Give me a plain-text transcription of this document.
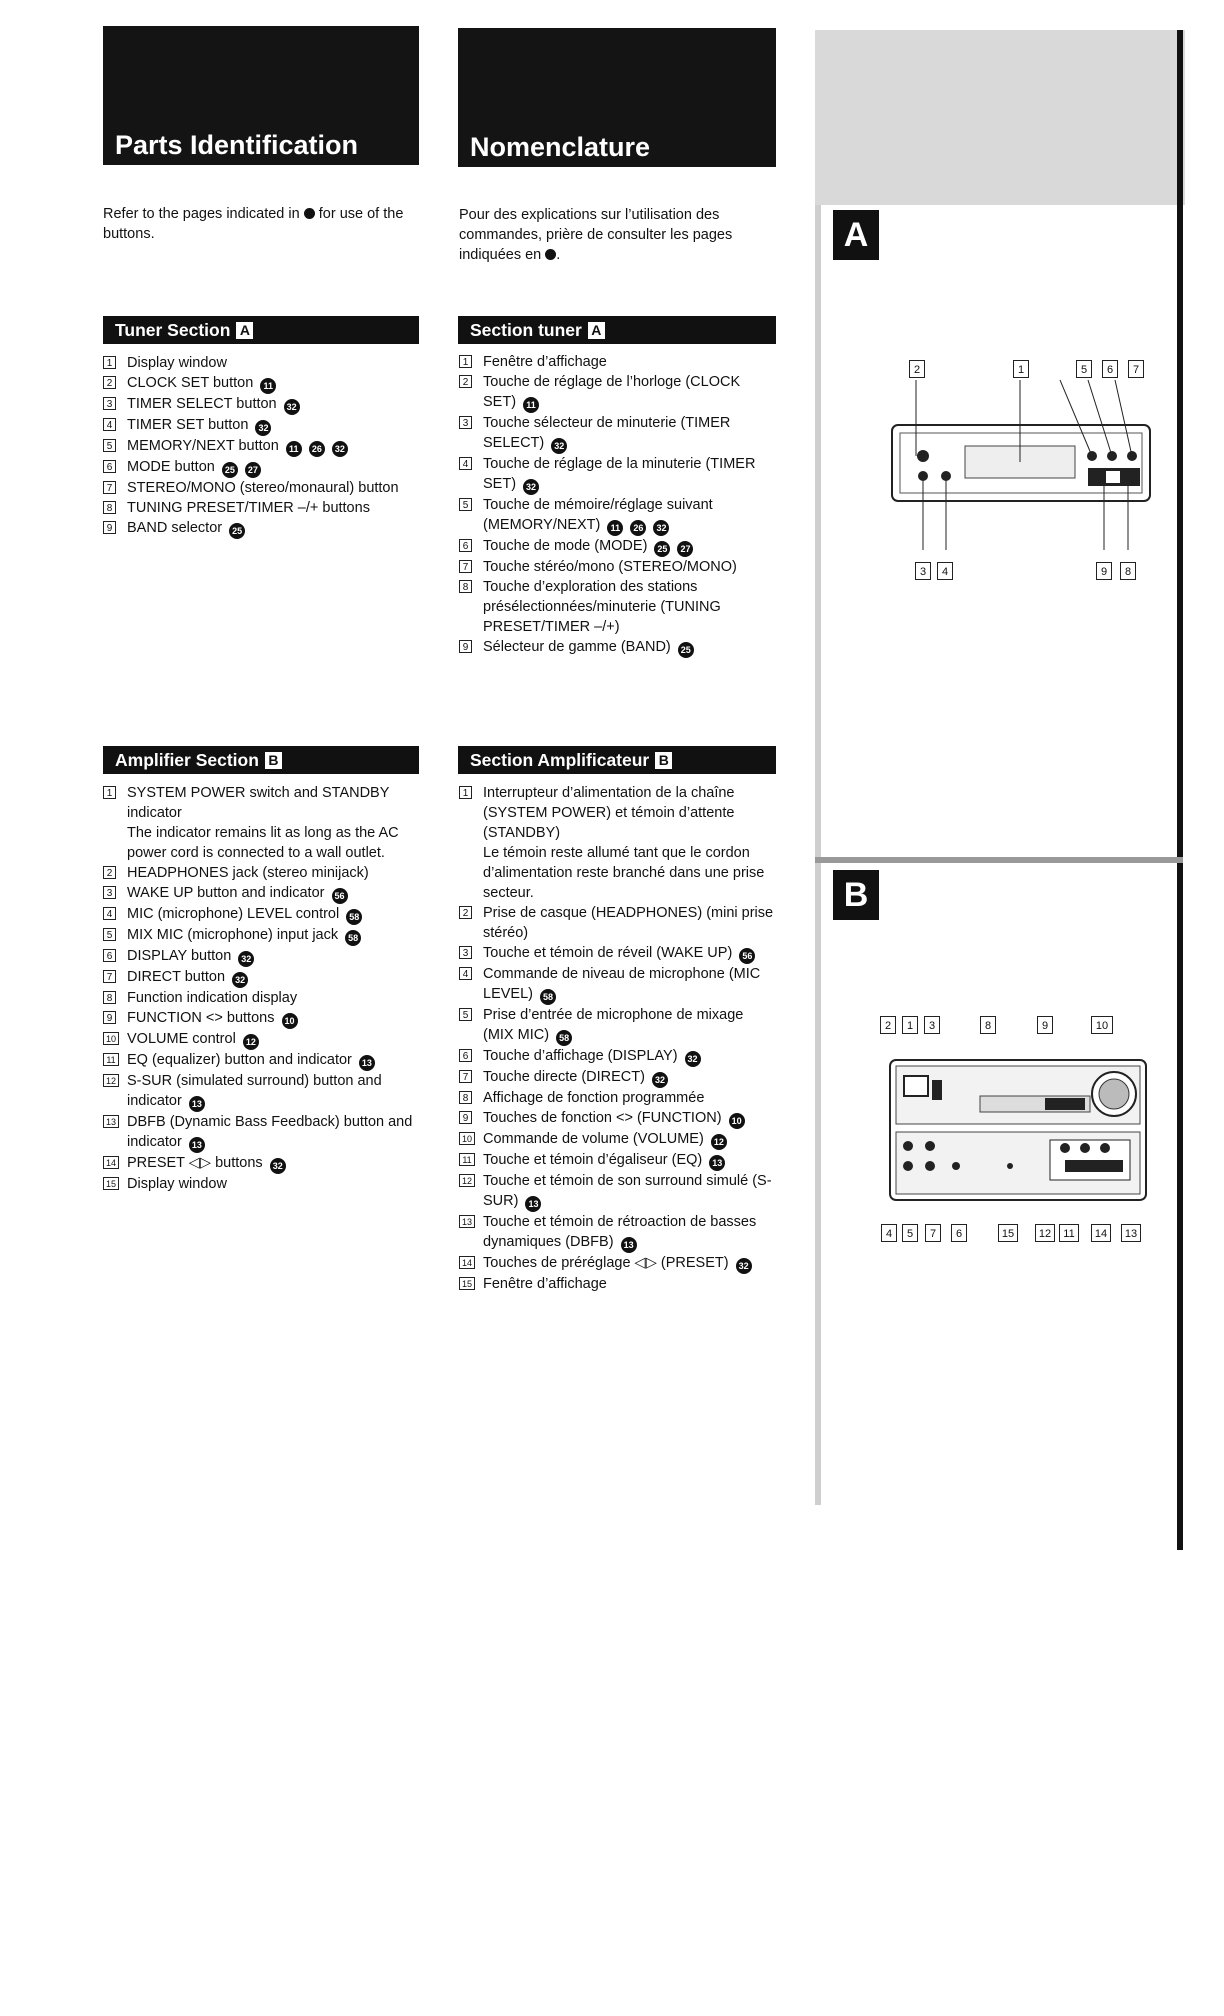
Parts Identification	Nomenclature
Refer to the pages indicated in for use of the buttons.
Pour des explications sur l’utilisation des commandes, prière de consulter les pages indiquées en .
Tuner Section A	Section tuner A
Amplifier Section B	Section Amplificateur B
1 Display window
2 CLOCK SET button 11
3 TIMER SELECT button 32
4 TIMER SET button 32
5 MEMORY/NEXT button 11 26 32
6 MODE button 25 27
7 STEREO/MONO (stereo/monaural) button
8 TUNING PRESET/TIMER –/+ buttons
9 BAND selector 25
1 Fenêtre d’affichage
2 Touche de réglage de l’horloge (CLOCK SET) 11
3 Touche sélecteur de minuterie (TIMER SELECT) 32
4 Touche de réglage de la minuterie (TIMER SET) 32
5 Touche de mémoire/réglage suivant (MEMORY/NEXT) 11 26 32
6 Touche de mode (MODE) 25 27
7 Touche stéréo/mono (STEREO/MONO)
8 Touche d’exploration des stations présélectionnées/minuterie (TUNING PRESET/TIMER –/+)
9 Sélecteur de gamme (BAND) 25
1 SYSTEM POWER switch and STANDBY indicator
The indicator remains lit as long as the AC power cord is connected to a wall outlet.
2 HEADPHONES jack (stereo minijack)
3 WAKE UP button and indicator 56
4 MIC (microphone) LEVEL control 58
5 MIX MIC (microphone) input jack 58
6 DISPLAY button 32
7 DIRECT button 32
8 Function indication display
9 FUNCTION <> buttons 10
10 VOLUME control 12
11 EQ (equalizer) button and indicator 13
12 S-SUR (simulated surround) button and indicator 13
13 DBFB (Dynamic Bass Feedback) button and indicator 13
14 PRESET ◁▷ buttons 32
15 Display window
1 Interrupteur d’alimentation de la chaîne (SYSTEM POWER) et témoin d’attente (STANDBY)
Le témoin reste allumé tant que le cordon d’alimentation reste branché dans une prise secteur.
2 Prise de casque (HEADPHONES) (mini prise stéréo)
3 Touche et témoin de réveil (WAKE UP) 56
4 Commande de niveau de microphone (MIC LEVEL) 58
5 Prise d’entrée de microphone de mixage (MIX MIC) 58
6 Touche d’affichage (DISPLAY) 32
7 Touche directe (DIRECT) 32
8 Affichage de fonction programmée
9 Touches de fonction <> (FUNCTION) 10
10 Commande de volume (VOLUME) 12
11 Touche et témoin d’égaliseur (EQ) 13
12 Touche et témoin de son surround simulé (S-SUR) 13
13 Touche et témoin de rétroaction de basses dynamiques (DBFB) 13
14 Touches de préréglage ◁▷ (PRESET) 32
15 Fenêtre d’affichage
A
B
2	1	5	6	7
3	4	9	8
2	1	3	8	9	10
4	5	7	6	15	12	11	14	13
